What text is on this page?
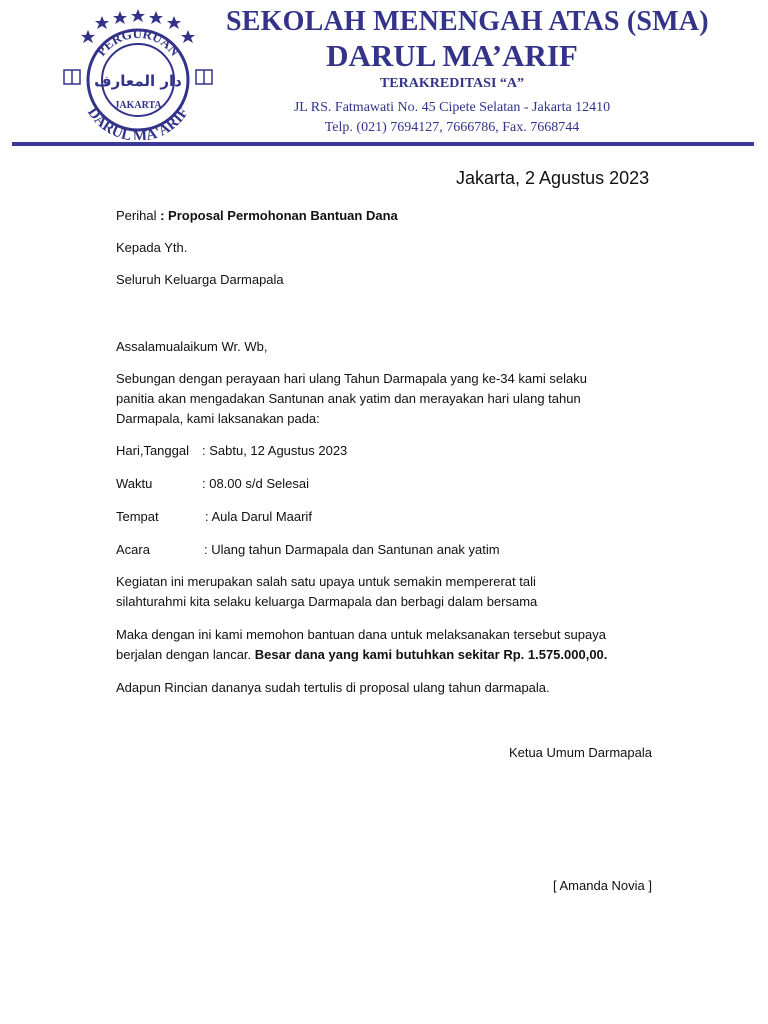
PERGURUAN
دار المعارف
JAKARTA
DARUL MA'ARIF
SEKOLAH MENENGAH ATAS (SMA)
DARUL MA’ARIF
TERAKREDITASI “A”
JL RS. Fatmawati No. 45 Cipete Selatan - Jakarta 12410
Telp. (021) 7694127, 7666786, Fax. 7668744
Jakarta, 2 Agustus 2023
Perihal : Proposal Permohonan Bantuan Dana
Kepada Yth.
Seluruh Keluarga Darmapala
Assalamualaikum Wr. Wb,
Sebungan dengan perayaan hari ulang Tahun Darmapala yang ke-34 kami selaku
panitia akan mengadakan Santunan anak yatim dan merayakan hari ulang tahun
Darmapala, kami laksanakan pada:
Hari,Tanggal : Sabtu, 12 Agustus 2023
Waktu	: 08.00 s/d Selesai
Tempat	: Aula Darul Maarif
Acara	: Ulang tahun Darmapala dan Santunan anak yatim
Kegiatan ini merupakan salah satu upaya untuk semakin mempererat tali
silahturahmi kita selaku keluarga Darmapala dan berbagi dalam bersama
Maka dengan ini kami memohon bantuan dana untuk melaksanakan tersebut supaya
berjalan dengan lancar. Besar dana yang kami butuhkan sekitar Rp. 1.575.000,00.
Adapun Rincian dananya sudah tertulis di proposal ulang tahun darmapala.
Ketua Umum Darmapala
[ Amanda Novia ]
